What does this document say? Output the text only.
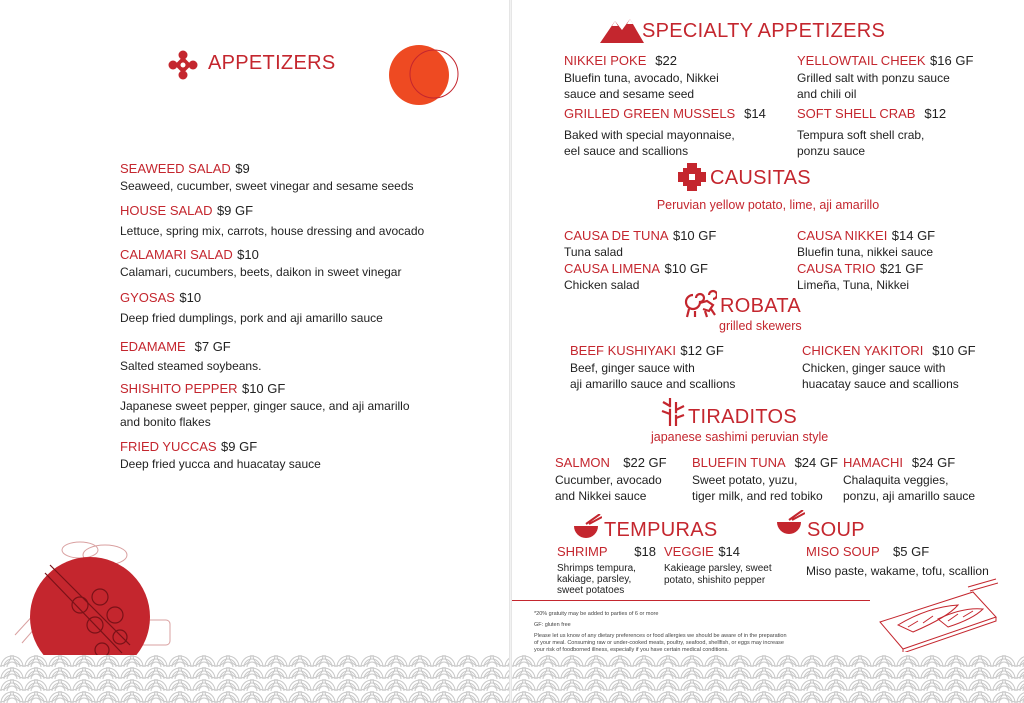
APPETIZERS
SEAWEED SALAD $9
Seaweed, cucumber, sweet vinegar and sesame seeds
HOUSE SALAD $9 GF
Lettuce, spring mix, carrots, house dressing and avocado
CALAMARI SALAD $10
Calamari, cucumbers, beets, daikon in sweet vinegar
GYOSAS $10
Deep fried dumplings, pork and aji amarillo sauce
EDAMAME $7 GF
Salted steamed soybeans.
SHISHITO PEPPER $10 GF
Japanese sweet pepper, ginger sauce, and aji amarillo
and bonito flakes
FRIED YUCCAS $9 GF
Deep fried yucca and huacatay sauce
SPECIALTY APPETIZERS
NIKKEI POKE $22
Bluefin tuna, avocado, Nikkei
sauce and sesame seed
GRILLED GREEN MUSSELS $14
Baked with special mayonnaise,
eel sauce and scallions
YELLOWTAIL CHEEK $16 GF
Grilled salt with ponzu sauce
and chili oil
SOFT SHELL CRAB $12
Tempura soft shell crab,
ponzu sauce
CAUSITAS
Peruvian yellow potato, lime, aji amarillo
CAUSA DE TUNA $10 GF
Tuna salad
CAUSA LIMENA $10 GF
Chicken salad
CAUSA NIKKEI $14 GF
Bluefin tuna, nikkei sauce
CAUSA TRIO $21 GF
Limeña, Tuna, Nikkei
ROBATA
grilled skewers
BEEF KUSHIYAKI $12 GF
Beef, ginger sauce with
aji amarillo sauce and scallions
CHICKEN YAKITORI $10 GF
Chicken, ginger sauce with
huacatay sauce and scallions
TIRADITOS
japanese sashimi peruvian style
SALMON $22 GF
Cucumber, avocado
and Nikkei sauce
BLUEFIN TUNA $24 GF
Sweet potato, yuzu,
tiger milk, and red tobiko
HAMACHI $24 GF
Chalaquita veggies,
ponzu, aji amarillo sauce
TEMPURAS
SHRIMP $18
Shrimps tempura,
kakiage, parsley,
sweet potatoes
VEGGIE $14
Kakieage parsley, sweet
potato, shishito pepper
SOUP
MISO SOUP $5 GF
Miso paste, wakame, tofu, scallion
*20% gratuity may be added to parties of 6 or more
GF: gluten free
Please let us know of any dietary preferences or food allergies we should be aware of in the preparation
of your meal. Consuming raw or under-cooked meats, poultry, seafood, shellfish, or eggs may increase
your risk of foodborned illness, especially if you have certain medical conditions.
